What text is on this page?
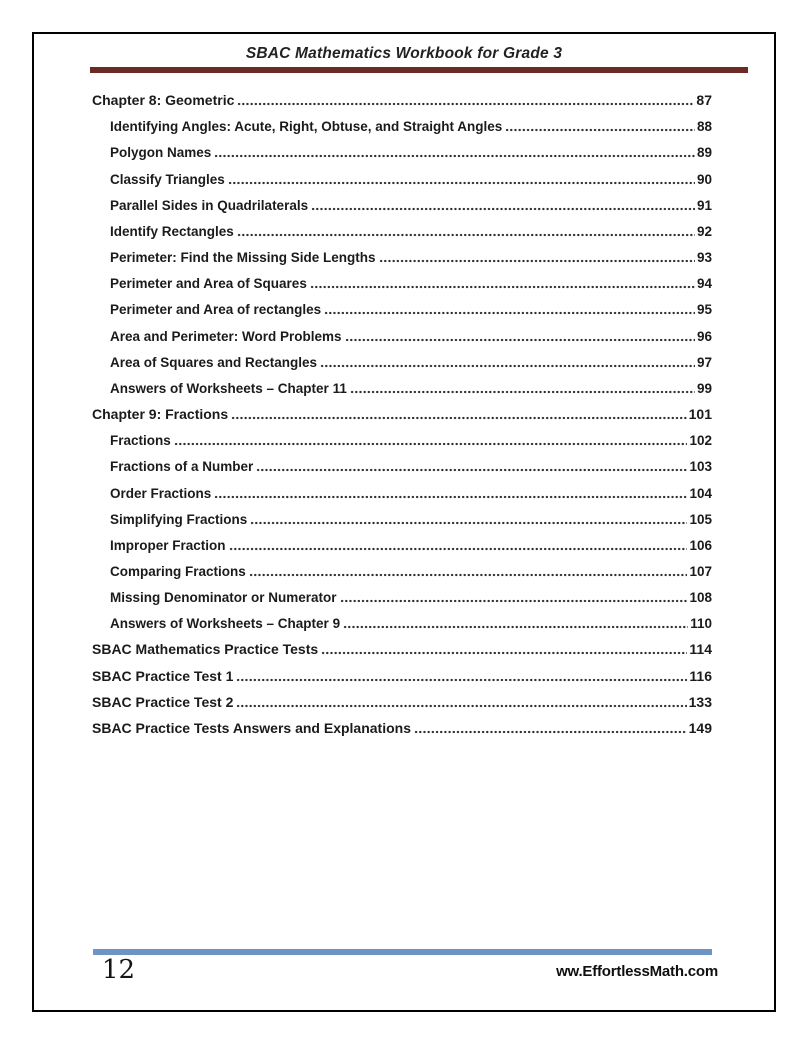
SBAC Mathematics Workbook for Grade 3
Chapter 8: Geometric	87
Identifying Angles: Acute, Right, Obtuse, and Straight Angles	88
Polygon Names	89
Classify Triangles	90
Parallel Sides in Quadrilaterals	91
Identify Rectangles	92
Perimeter: Find the Missing Side Lengths	93
Perimeter and Area of Squares	94
Perimeter and Area of rectangles	95
Area and Perimeter: Word Problems	96
Area of Squares and Rectangles	97
Answers of Worksheets – Chapter 11	99
Chapter 9: Fractions	101
Fractions	102
Fractions of a Number	103
Order Fractions	104
Simplifying Fractions	105
Improper Fraction	106
Comparing Fractions	107
Missing Denominator or Numerator	108
Answers of Worksheets – Chapter 9	110
SBAC Mathematics Practice Tests	114
SBAC Practice Test 1	116
SBAC Practice Test 2	133
SBAC Practice Tests Answers and Explanations	149
12	ww.EffortlessMath.com
